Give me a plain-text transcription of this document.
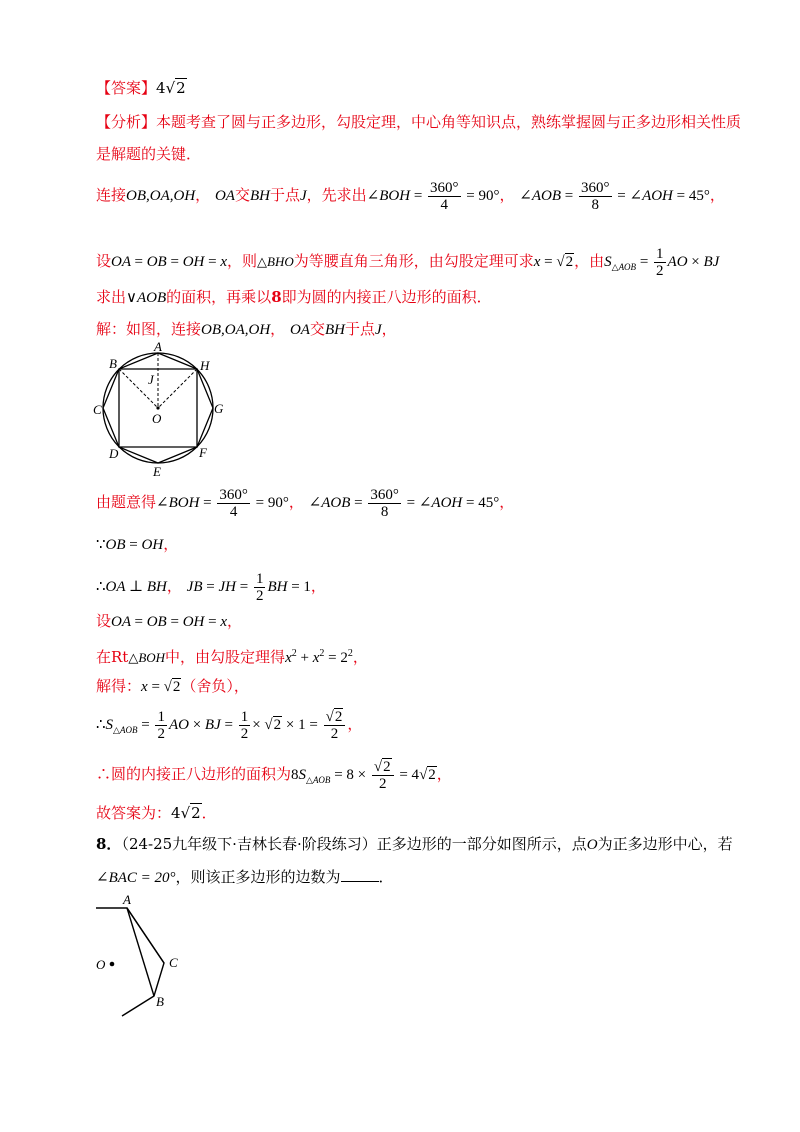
【答案】4√2
【分析】本题考查了圆与正多边形，勾股定理，中心角等知识点，熟练掌握圆与正多边形相关性质
是解题的关键．
连接OB,OA,OH， OA交BH于点J，先求出∠BOH = $\frac{360^\circ}{4} = 90^\circ$， ∠AOB = $\frac{360^\circ}{8}$ = ∠AOH = 45°，
设OA = OB = OH = x，则△BHO为等腰直角三角形，由勾股定理可求x = √2，由$S_{\triangle AOB} = \frac{1}{2}$ AO × BJ
求出∨AOB的面积，再乘以8即为圆的内接正八边形的面积．
解：如图，连接OB,OA,OH， OA交BH于点J，
A
B	H
J
C	G
O
D	F
E
由题意得∠BOH = $\frac{360^\circ}{4} = 90^\circ$， ∠AOB = $\frac{360^\circ}{8}$ = ∠AOH = 45°，
∵OB = OH，
∴OA ⊥ BH， JB = JH = $\frac{1}{2}$ BH = 1，
设OA = OB = OH = x，
在Rt△BOH中，由勾股定理得$x^2 + x^2 = 2^2$，
解得：x = √2（舍负），
$\therefore S_{\triangle AOB} = \frac{1}{2}$ AO × BJ = $\frac{1}{2} \times √2 \times 1 = \frac{√2}{2}$ ，
∴圆的内接正八边形的面积为$8S_{\triangle AOB} = 8 \times \frac{√2}{2} = 4√2$，
故答案为：4√2．
8．（24-25九年级下·吉林长春·阶段练习）正多边形的一部分如图所示，点O为正多边形中心，若
∠BAC = 20°，则该正多边形的边数为	．
A
O	C
B
